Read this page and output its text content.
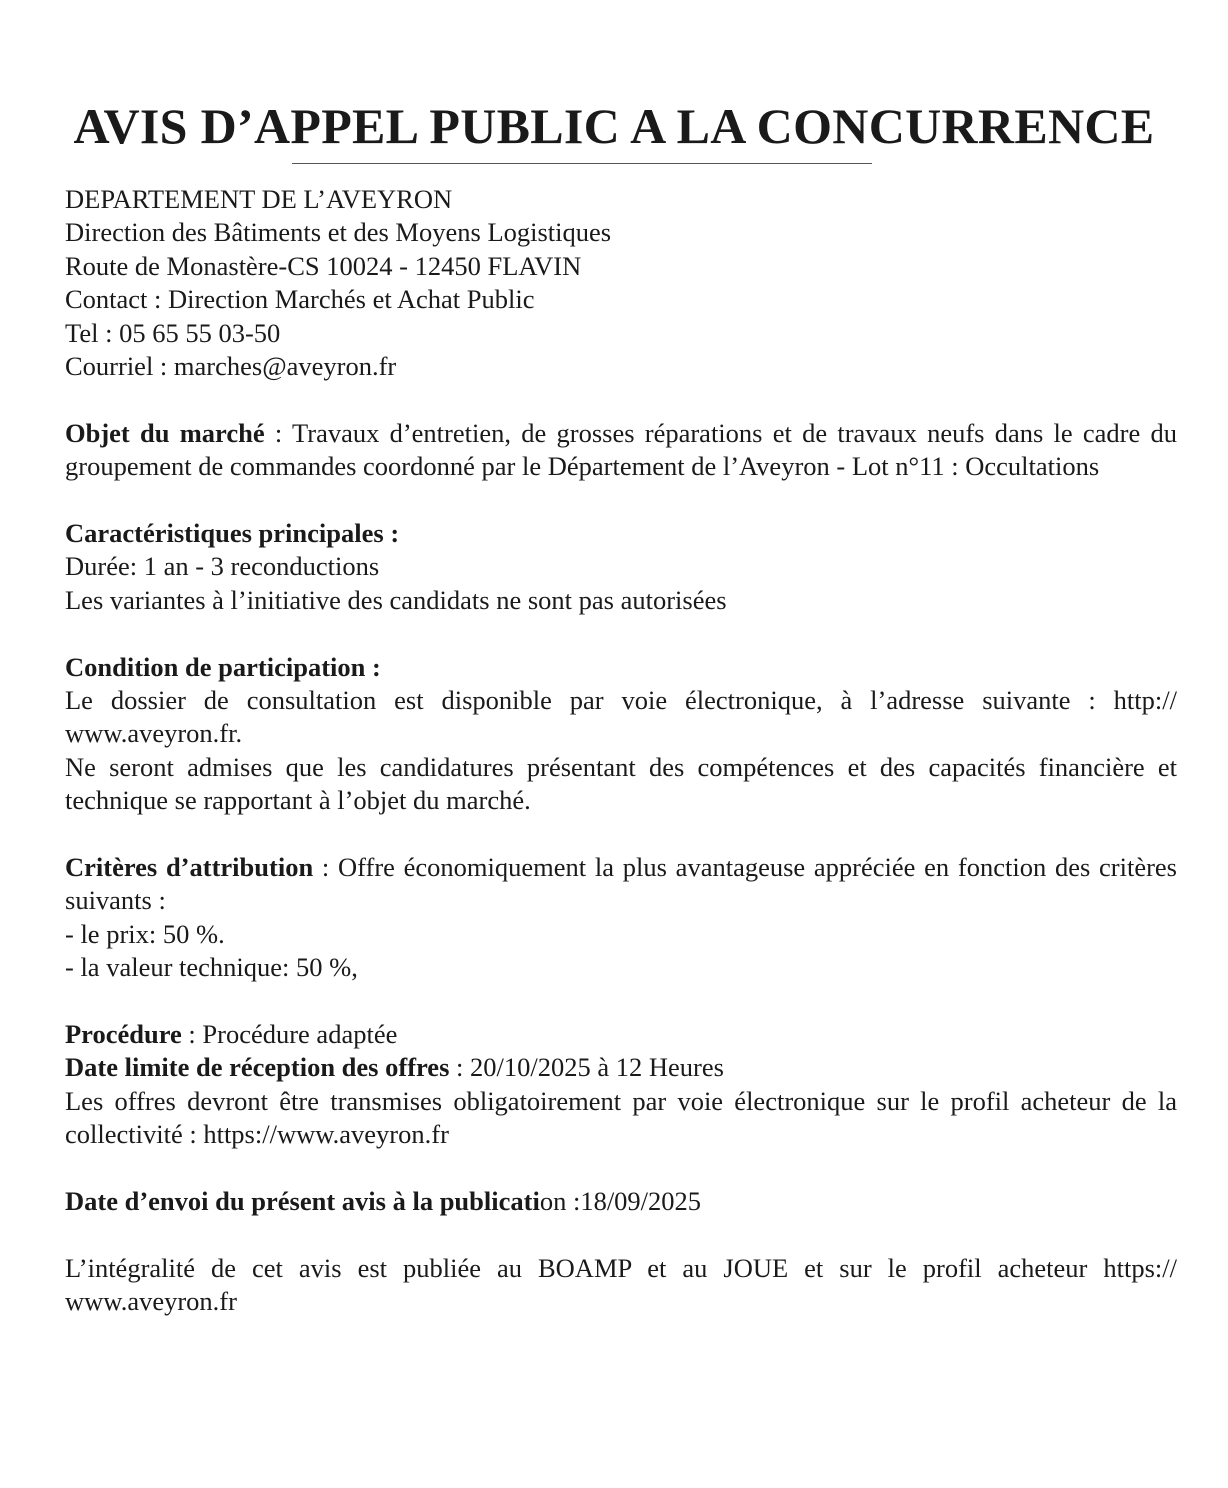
AVIS D’APPEL PUBLIC A LA CONCURRENCE
DEPARTEMENT DE L’AVEYRON
Direction des Bâtiments et des Moyens Logistiques
Route de Monastère-CS 10024 - 12450 FLAVIN
Contact : Direction Marchés et Achat Public
Tel : 05 65 55 03-50
Courriel : marches@aveyron.fr
Objet du marché : Travaux d’entretien, de grosses réparations et de travaux neufs dans le cadre du groupement de commandes coordonné par le Département de l’Aveyron - Lot n°11 : Occultations
Caractéristiques principales :
Durée: 1 an - 3 reconductions
Les variantes à l’initiative des candidats ne sont pas autorisées
Condition de participation :
Le dossier de consultation est disponible par voie électronique, à l’adresse suivante : http:// www.aveyron.fr.
Ne seront admises que les candidatures présentant des compétences et des capacités financière et technique se rapportant à l’objet du marché.
Critères d’attribution : Offre économiquement la plus avantageuse appréciée en fonction des critères suivants :
- le prix: 50 %.
- la valeur technique: 50 %,
Procédure : Procédure adaptée
Date limite de réception des offres : 20/10/2025 à 12 Heures
Les offres devront être transmises obligatoirement par voie électronique sur le profil acheteur de la collectivité : https://www.aveyron.fr
Date d’envoi du présent avis à la publication :18/09/2025
L’intégralité de cet avis est publiée au BOAMP et au JOUE et sur le profil acheteur https:// www.aveyron.fr
